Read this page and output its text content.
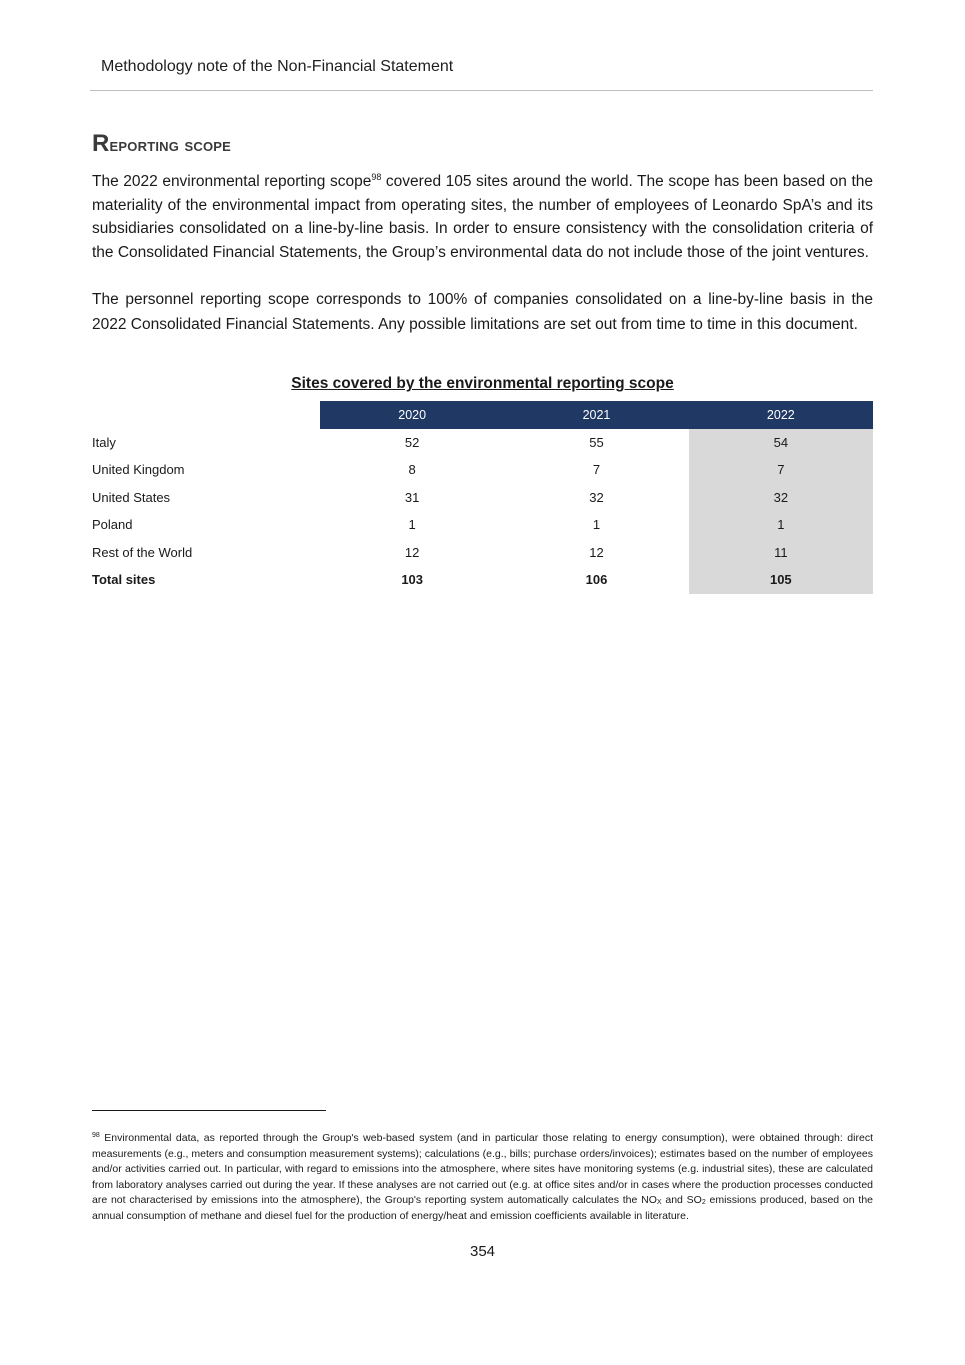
Methodology note of the Non-Financial Statement
Reporting scope
The 2022 environmental reporting scope$^{98}$ covered 105 sites around the world. The scope has been based on the materiality of the environmental impact from operating sites, the number of employees of Leonardo SpA’s and its subsidiaries consolidated on a line-by-line basis. In order to ensure consistency with the consolidation criteria of the Consolidated Financial Statements, the Group’s environmental data do not include those of the joint ventures.
The personnel reporting scope corresponds to 100% of companies consolidated on a line-by-line basis in the 2022 Consolidated Financial Statements. Any possible limitations are set out from time to time in this document.
Sites covered by the environmental reporting scope
	2020	2021	2022
Italy	52	55	54
United Kingdom	8	7	7
United States	31	32	32
Poland	1	1	1
Rest of the World	12	12	11
Total sites	103	106	105
$^{98}$ Environmental data, as reported through the Group's web-based system (and in particular those relating to energy consumption), were obtained through: direct measurements (e.g., meters and consumption measurement systems); calculations (e.g., bills; purchase orders/invoices); estimates based on the number of employees and/or activities carried out. In particular, with regard to emissions into the atmosphere, where sites have monitoring systems (e.g. industrial sites), these are calculated from laboratory analyses carried out during the year. If these analyses are not carried out (e.g. at office sites and/or in cases where the production processes conducted are not characterised by emissions into the atmosphere), the Group's reporting system automatically calculates the $NO_X$ and $SO_2$ emissions produced, based on the annual consumption of methane and diesel fuel for the production of energy/heat and emission coefficients available in literature.
354
